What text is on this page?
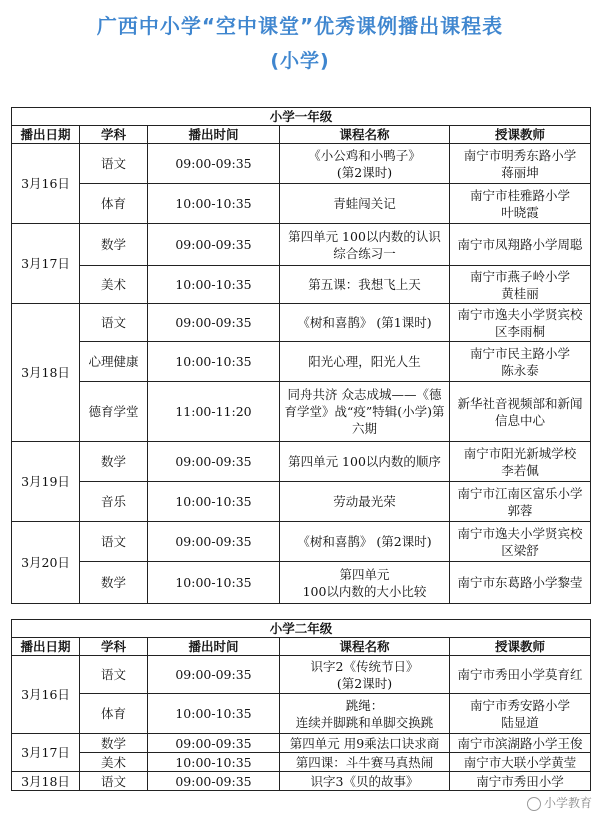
广西中小学“空中课堂”优秀课例播出课程表
(小学)
小学一年级				
播出日期	学科	播出时间	课程名称	授课教师
3月16日	语文	09:00-09:35	《小公鸡和小鸭子》
(第2课时)	南宁市明秀东路小学
蒋丽坤
	体育	10:00-10:35	青蛙闯关记	南宁市桂雅路小学
叶晓霞
3月17日	数学	09:00-09:35	第四单元 100以内数的认识综合练习一	南宁市凤翔路小学周聪
	美术	10:00-10:35	第五课：我想飞上天	南宁市燕子岭小学
黄桂丽
3月18日	语文	09:00-09:35	《树和喜鹊》 (第1课时)	南宁市逸夫小学贤宾校
区李雨桐
	心理健康	10:00-10:35	阳光心理，阳光人生	南宁市民主路小学
陈永泰
	德育学堂	11:00-11:20	同舟共济 众志成城——《德育学堂》战“疫”特辑(小学)第六期	新华社音视频部和新闻
信息中心
3月19日	数学	09:00-09:35	第四单元 100以内数的顺序	南宁市阳光新城学校
李若佩
	音乐	10:00-10:35	劳动最光荣	南宁市江南区富乐小学
郭蓉
3月20日	语文	09:00-09:35	《树和喜鹊》 (第2课时)	南宁市逸夫小学贤宾校
区梁舒
	数学	10:00-10:35	第四单元
100以内数的大小比较	南宁市东葛路小学黎莹
小学二年级				
播出日期	学科	播出时间	课程名称	授课教师
3月16日	语文	09:00-09:35	识字2《传统节日》
(第2课时)	南宁市秀田小学莫育红
	体育	10:00-10:35	跳绳：
连续并脚跳和单脚交换跳	南宁市秀安路小学
陆显道
3月17日	数学	09:00-09:35	第四单元 用9乘法口诀求商	南宁市滨湖路小学王俊
	美术	10:00-10:35	第四课：斗牛赛马真热闹	南宁市大联小学黄莹
3月18日	语文	09:00-09:35	识字3《贝的故事》	南宁市秀田小学
小学教育
